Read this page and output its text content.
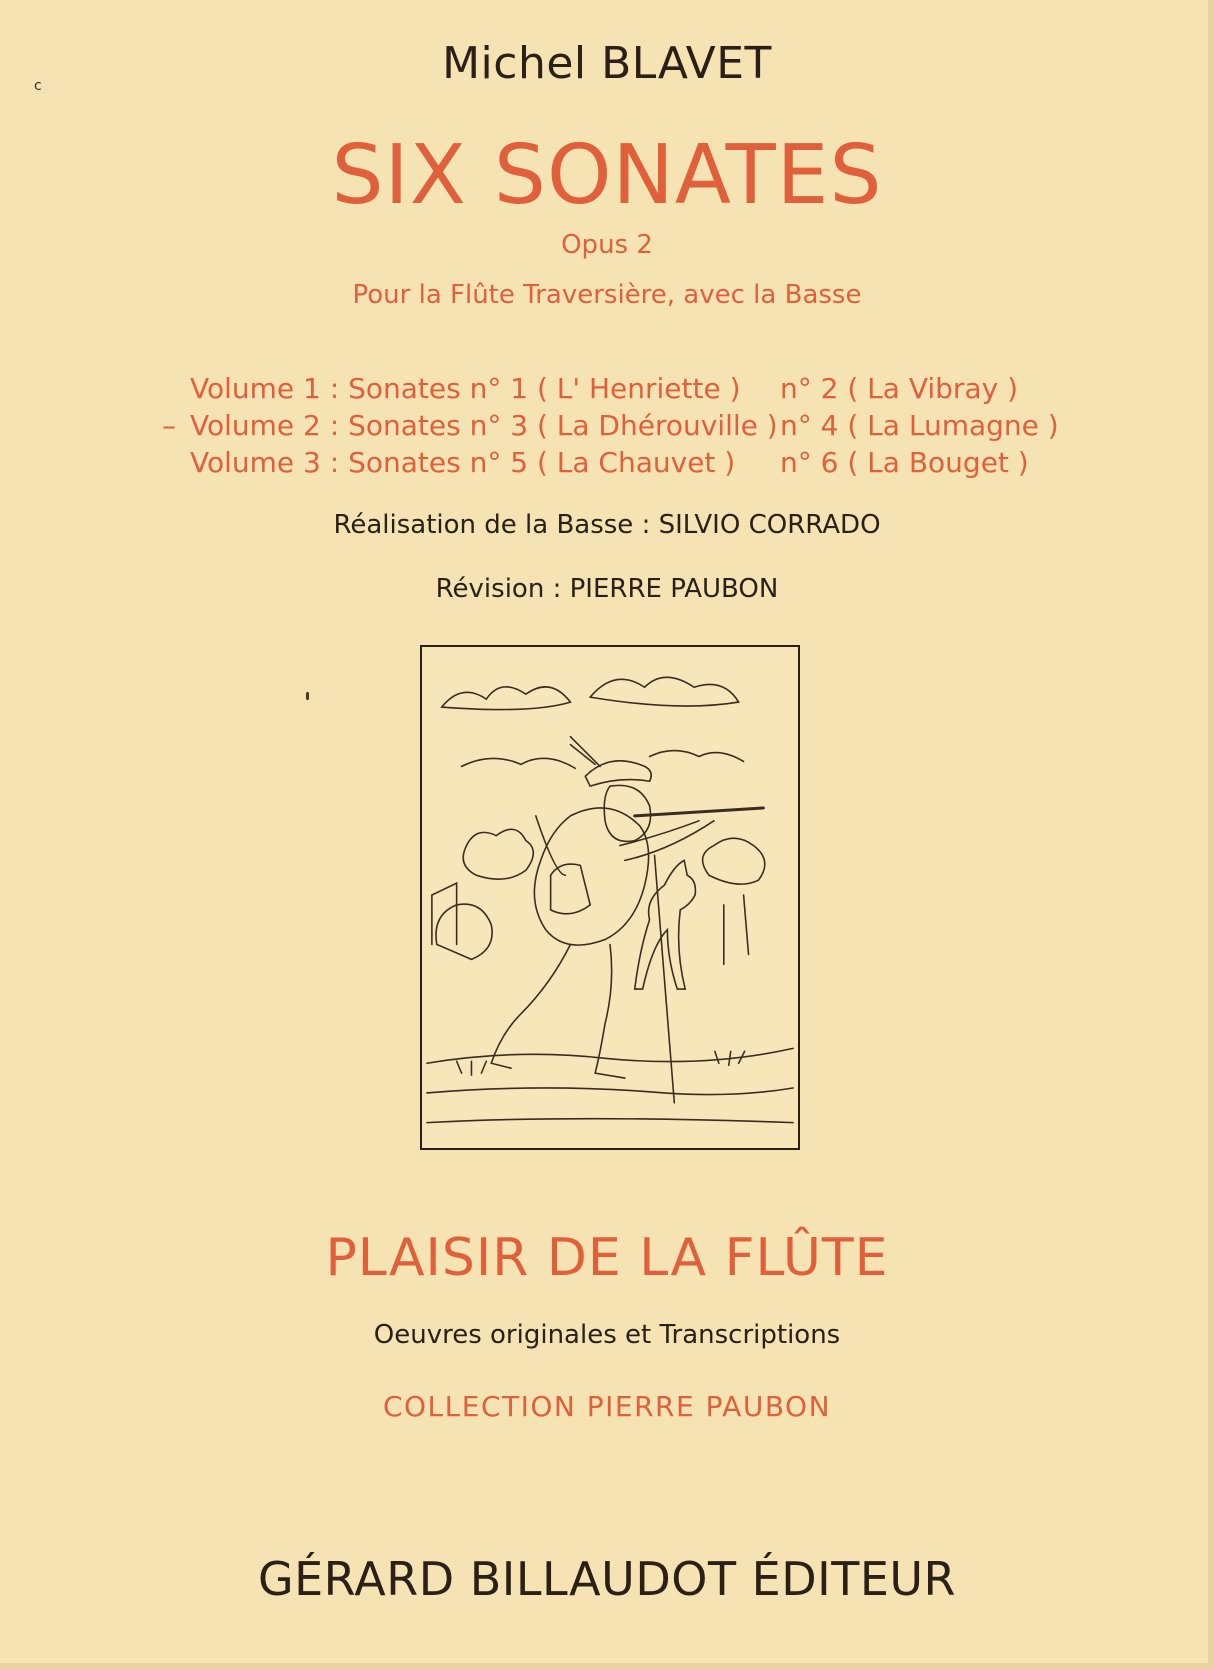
c	Michel BLAVET
SIX SONATES
Opus 2
Pour la Flûte Traversière, avec la Basse
Volume 1 : Sonates n° 1 ( L' Henriette ) n° 2 ( La Vibray )
– Volume 2 : Sonates n° 3 ( La Dhérouville ) n° 4 ( La Lumagne )
Volume 3 : Sonates n° 5 ( La Chauvet ) n° 6 ( La Bouget )
Réalisation de la Basse : SILVIO CORRADO
Révision : PIERRE PAUBON
PLAISIR DE LA FLÛTE
Oeuvres originales et Transcriptions
COLLECTION PIERRE PAUBON
GÉRARD BILLAUDOT ÉDITEUR
